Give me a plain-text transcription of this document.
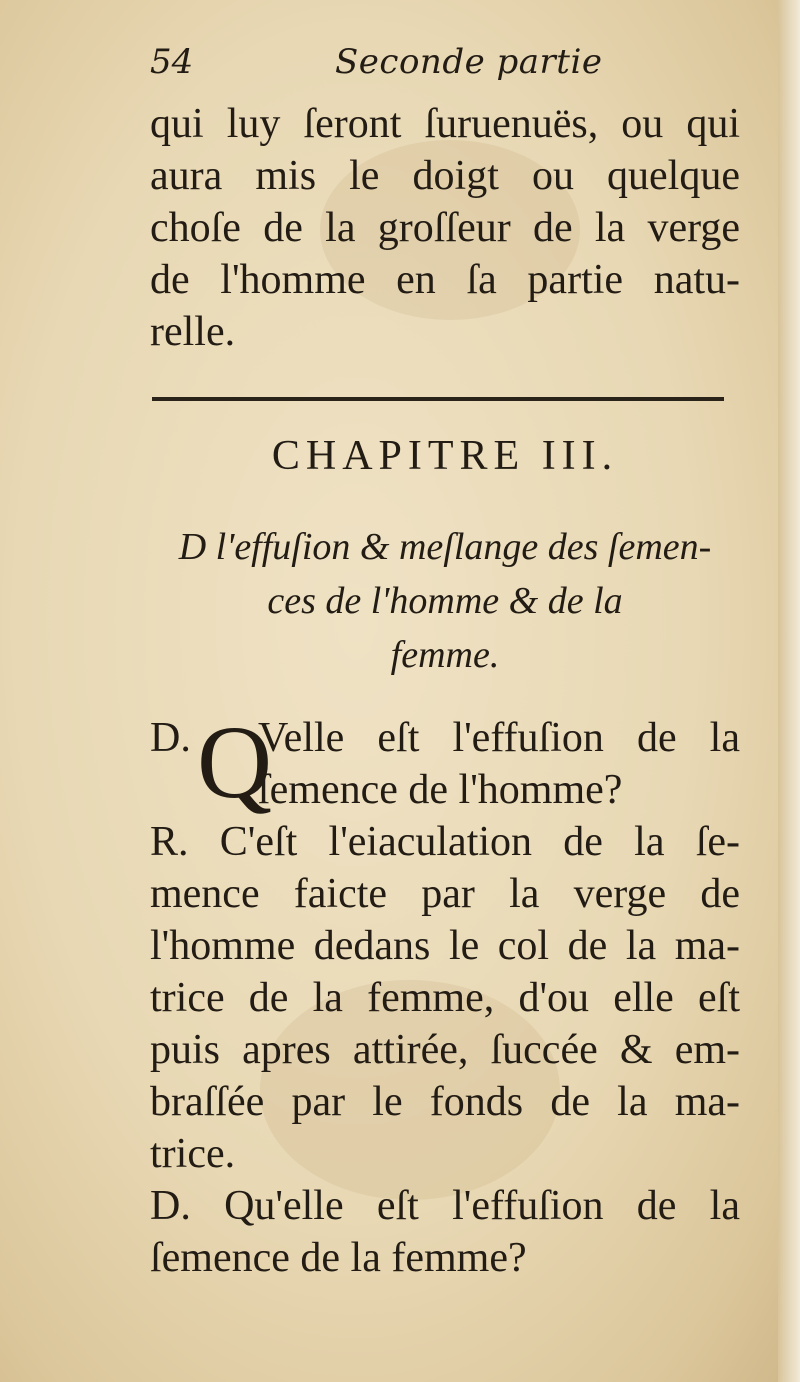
54	Seconde partie
qui luy ſeront ſuruenuës, ou qui
aura mis le doigt ou quelque
choſe de la groſſeur de la verge
de l'homme en ſa partie natu-
relle.
CHAPITRE III.
D l'effuſion & meſlange des ſemen-
ces de l'homme & de la
femme.
D. Q
Velle eſt l'effuſion de la
ſemence de l'homme?
R. C'eſt l'eiaculation de la ſe-
mence faicte par la verge de
l'homme dedans le col de la ma-
trice de la femme, d'ou elle eſt
puis apres attirée, ſuccée & em-
braſſée par le fonds de la ma-
trice.
D. Qu'elle eſt l'effuſion de la
ſemence de la femme?
